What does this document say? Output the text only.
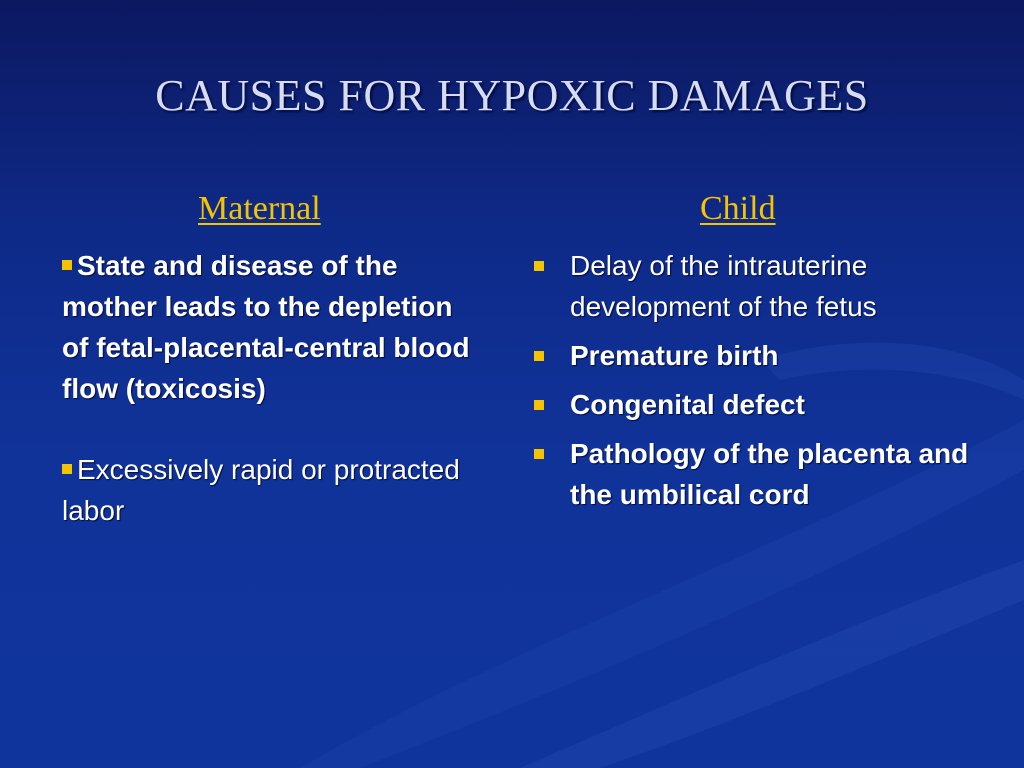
CAUSES FOR HYPOXIC DAMAGES
Maternal	Child

State and disease of the mother leads to the depletion of fetal-placental-central blood flow (toxicosis)

Excessively rapid or protracted labor

Delay of the intrauterine development of the fetus
Premature birth
Congenital defect
Pathology of the placenta and the umbilical cord
